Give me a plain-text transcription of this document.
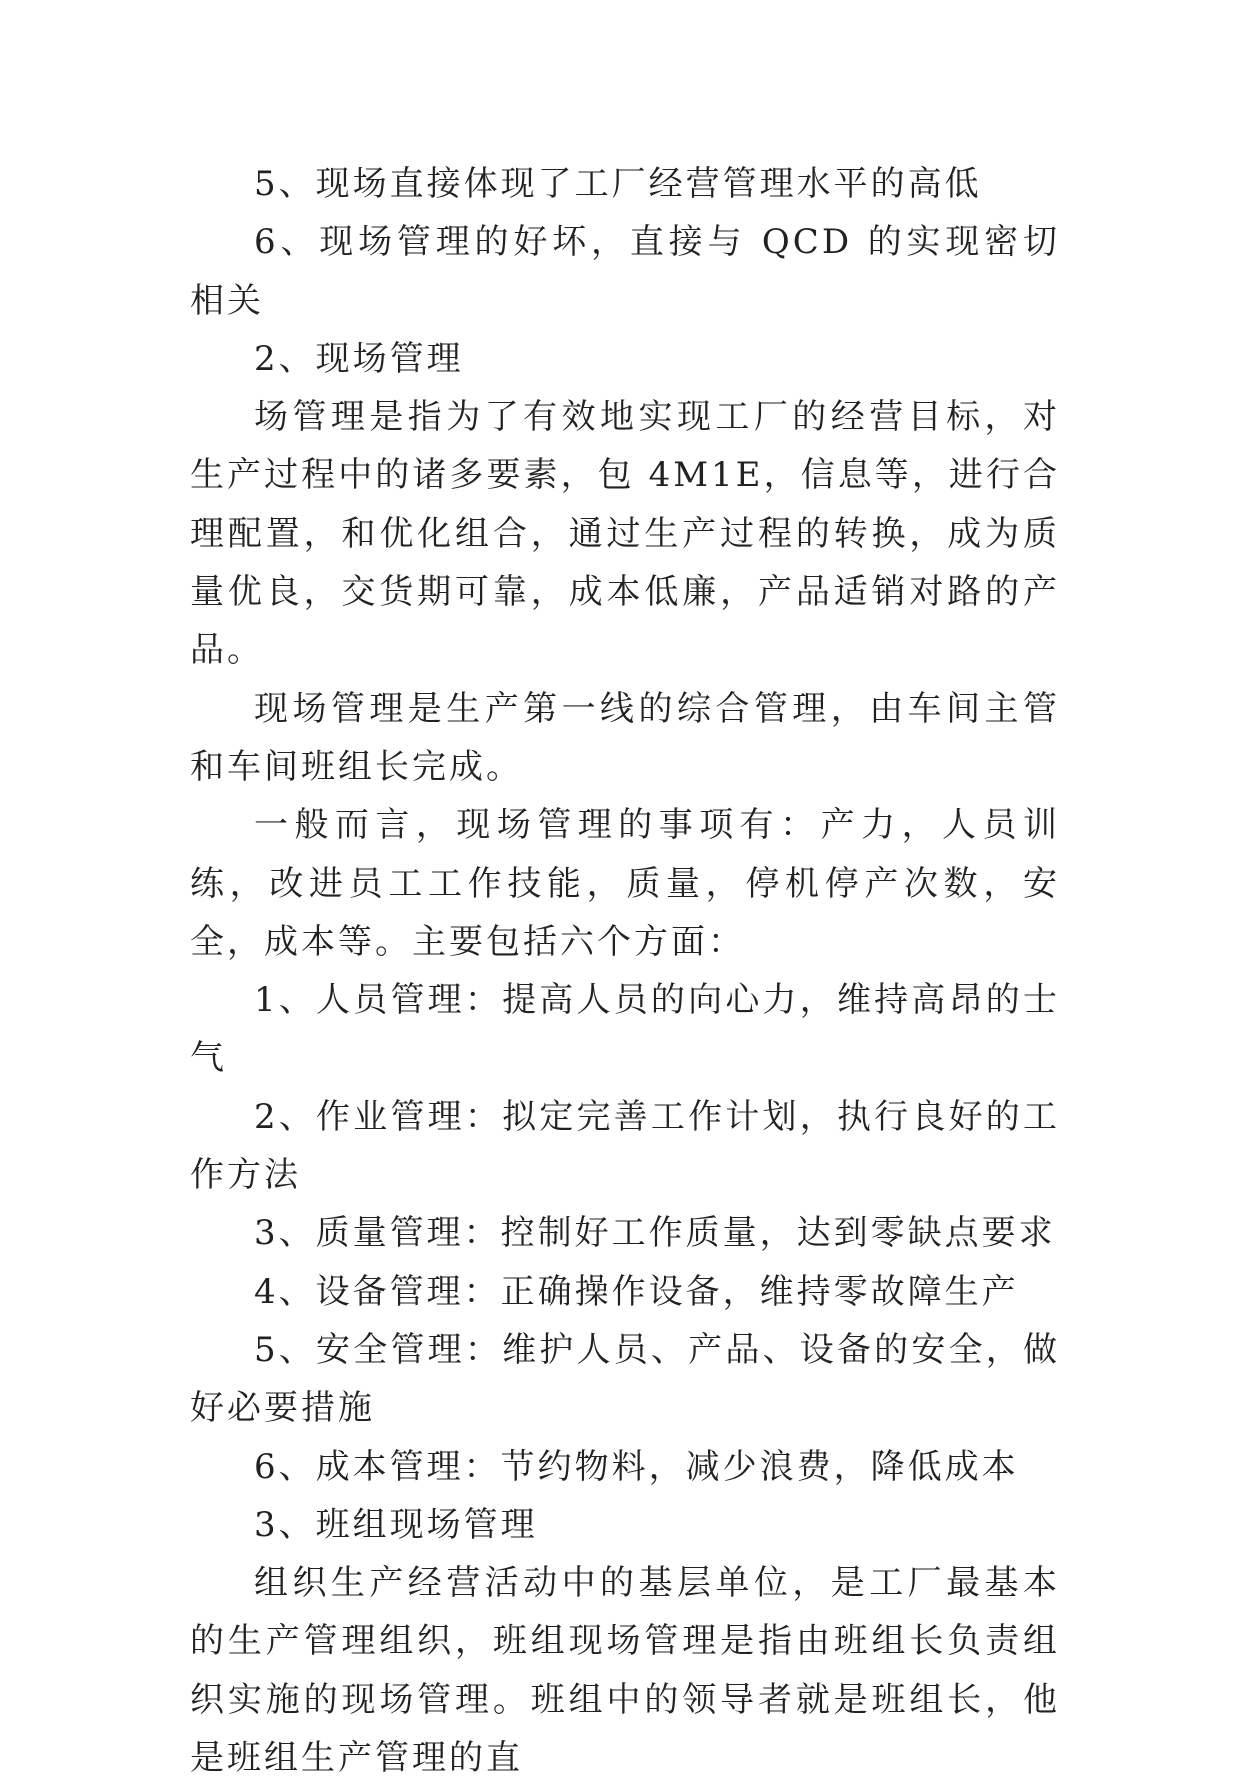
5、现场直接体现了工厂经营管理水平的高低

6、现场管理的好坏，直接与 QCD 的实现密切相关

2、现场管理

场管理是指为了有效地实现工厂的经营目标，对生产过程中的诸多要素，包 4M1E，信息等，进行合理配置，和优化组合，通过生产过程的转换，成为质量优良，交货期可靠，成本低廉，产品适销对路的产品。

现场管理是生产第一线的综合管理，由车间主管和车间班组长完成。

一般而言，现场管理的事项有：产力，人员训练，改进员工工作技能，质量，停机停产次数，安全，成本等。主要包括六个方面：

1、人员管理：提高人员的向心力，维持高昂的士气

2、作业管理：拟定完善工作计划，执行良好的工作方法

3、质量管理：控制好工作质量，达到零缺点要求

4、设备管理：正确操作设备，维持零故障生产

5、安全管理：维护人员、产品、设备的安全，做好必要措施

6、成本管理：节约物料，减少浪费，降低成本

3、班组现场管理

组织生产经营活动中的基层单位，是工厂最基本的生产管理组织，班组现场管理是指由班组长负责组织实施的现场管理。班组中的领导者就是班组长，他是班组生产管理的直
